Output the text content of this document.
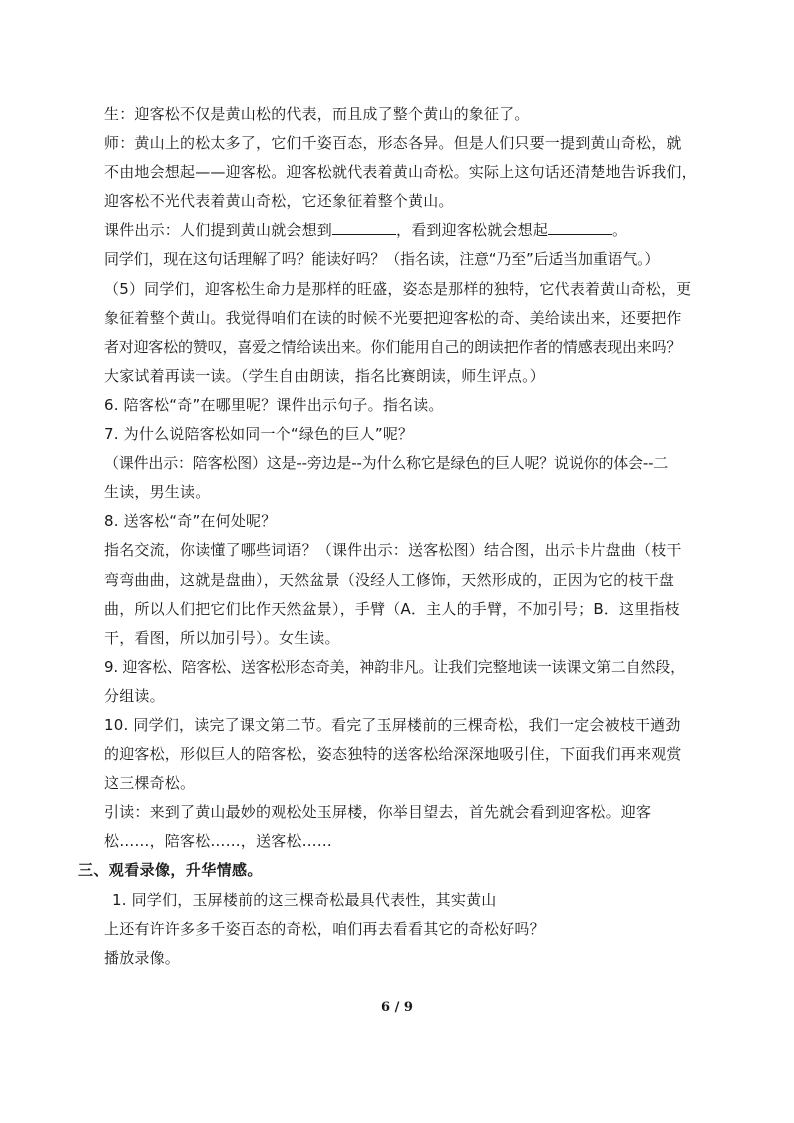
生：迎客松不仅是黄山松的代表，而且成了整个黄山的象征了。
师：黄山上的松太多了，它们千姿百态，形态各异。但是人们只要一提到黄山奇松，就
不由地会想起——迎客松。迎客松就代表着黄山奇松。实际上这句话还清楚地告诉我们，
迎客松不光代表着黄山奇松，它还象征着整个黄山。
课件出示：人们提到黄山就会想到	，看到迎客松就会想起	。
同学们，现在这句话理解了吗？能读好吗？（指名读，注意“乃至”后适当加重语气。）
（5）同学们，迎客松生命力是那样的旺盛，姿态是那样的独特，它代表着黄山奇松，更
象征着整个黄山。我觉得咱们在读的时候不光要把迎客松的奇、美给读出来，还要把作
者对迎客松的赞叹，喜爱之情给读出来。你们能用自己的朗读把作者的情感表现出来吗？
大家试着再读一读。（学生自由朗读，指名比赛朗读，师生评点。）
6. 陪客松“奇”在哪里呢？课件出示句子。指名读。
7. 为什么说陪客松如同一个“绿色的巨人”呢？
（课件出示：陪客松图）这是--旁边是--为什么称它是绿色的巨人呢？说说你的体会--二
生读，男生读。
8. 送客松“奇”在何处呢？
指名交流，你读懂了哪些词语？（课件出示：送客松图）结合图，出示卡片盘曲（枝干
弯弯曲曲，这就是盘曲），天然盆景（没经人工修饰，天然形成的，正因为它的枝干盘
曲，所以人们把它们比作天然盆景），手臂（A．主人的手臂，不加引号；B．这里指枝
干，看图，所以加引号）。女生读。
9. 迎客松、陪客松、送客松形态奇美，神韵非凡。让我们完整地读一读课文第二自然段，
分组读。
10. 同学们，读完了课文第二节。看完了玉屏楼前的三棵奇松，我们一定会被枝干遒劲
的迎客松，形似巨人的陪客松，姿态独特的送客松给深深地吸引住，下面我们再来观赏
这三棵奇松。
引读：来到了黄山最妙的观松处玉屏楼，你举目望去，首先就会看到迎客松。迎客
松……，陪客松……，送客松……
三、观看录像，升华情感。
1. 同学们，玉屏楼前的这三棵奇松最具代表性，其实黄山
上还有许许多多千姿百态的奇松，咱们再去看看其它的奇松好吗？
播放录像。
6 / 9
